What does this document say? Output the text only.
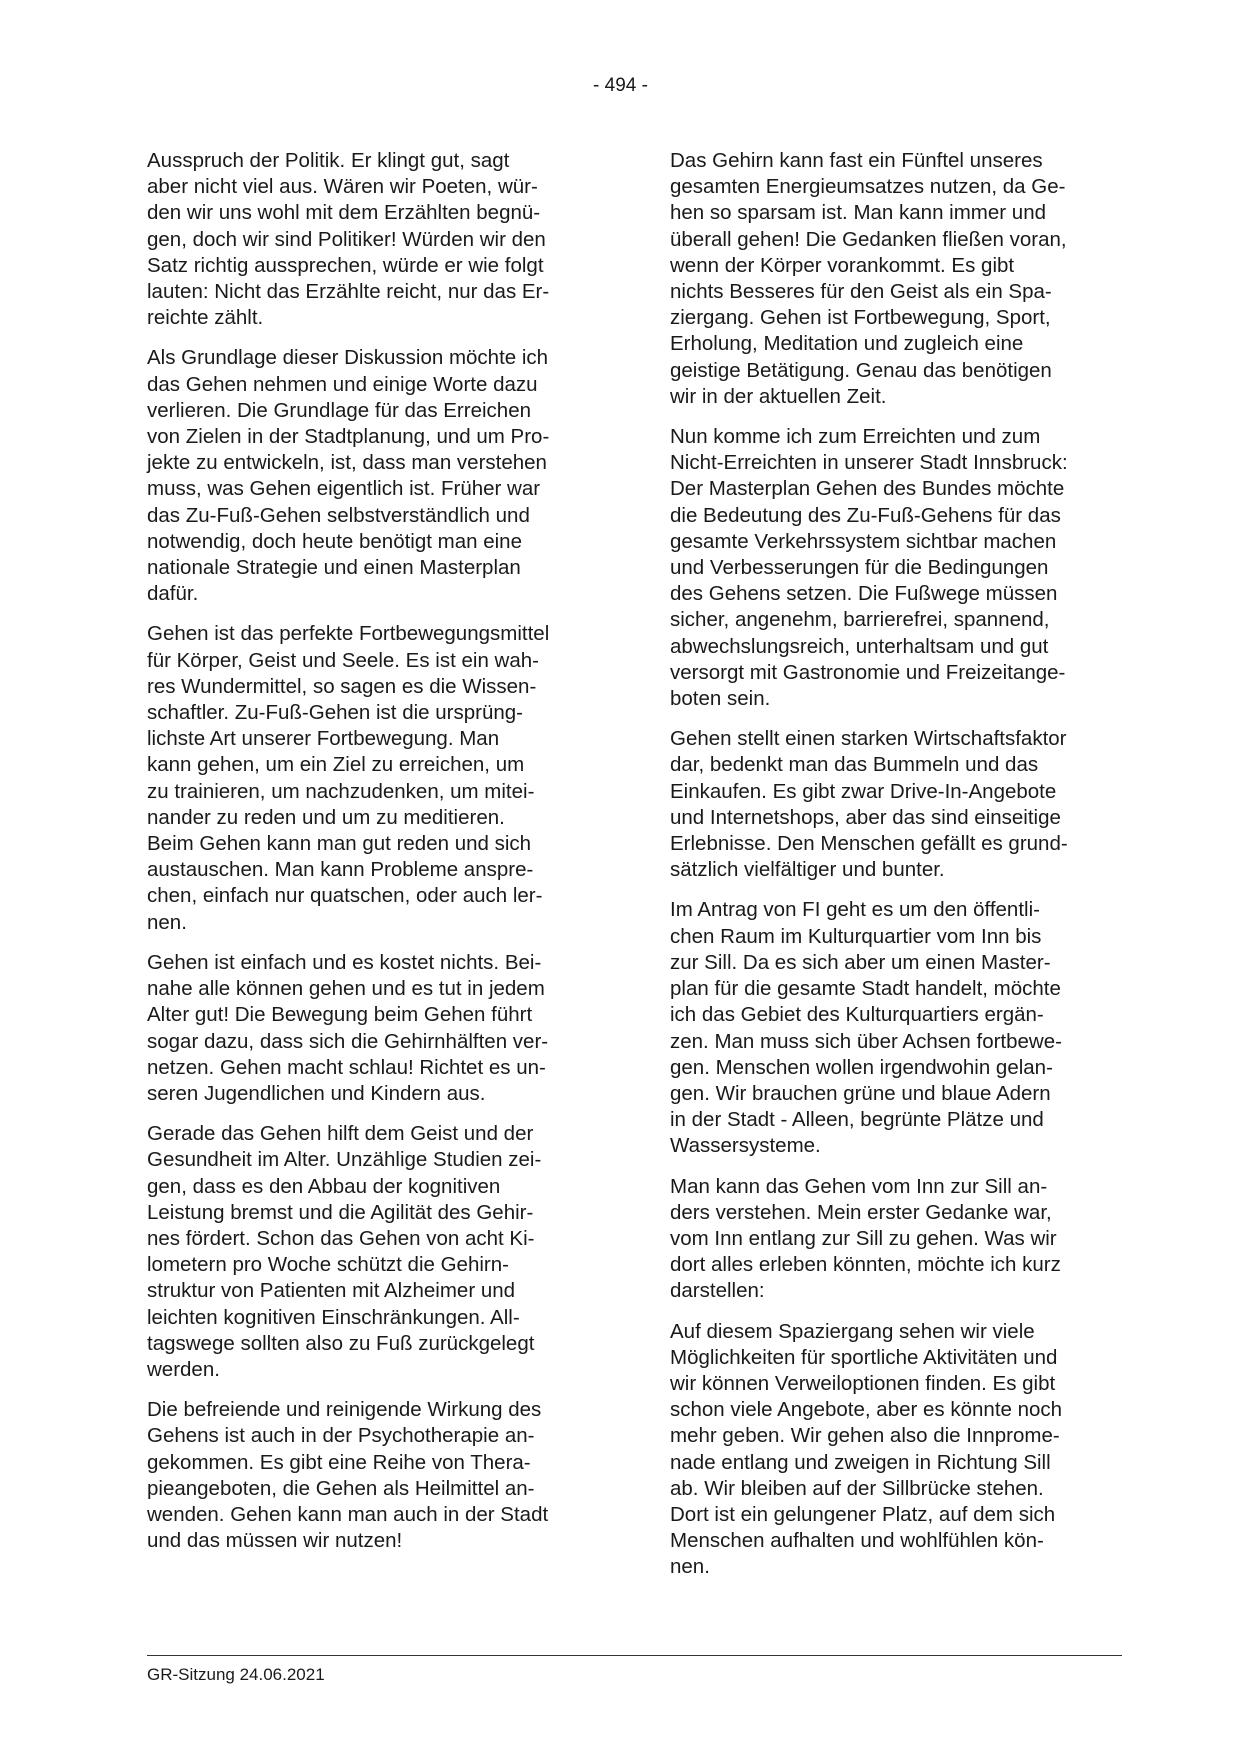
- 494 -

Ausspruch der Politik. Er klingt gut, sagt
aber nicht viel aus. Wären wir Poeten, wür-
den wir uns wohl mit dem Erzählten begnü-
gen, doch wir sind Politiker! Würden wir den
Satz richtig aussprechen, würde er wie folgt
lauten: Nicht das Erzählte reicht, nur das Er-
reichte zählt.

Als Grundlage dieser Diskussion möchte ich
das Gehen nehmen und einige Worte dazu
verlieren. Die Grundlage für das Erreichen
von Zielen in der Stadtplanung, und um Pro-
jekte zu entwickeln, ist, dass man verstehen
muss, was Gehen eigentlich ist. Früher war
das Zu-Fuß-Gehen selbstverständlich und
notwendig, doch heute benötigt man eine
nationale Strategie und einen Masterplan
dafür.

Gehen ist das perfekte Fortbewegungsmittel
für Körper, Geist und Seele. Es ist ein wah-
res Wundermittel, so sagen es die Wissen-
schaftler. Zu-Fuß-Gehen ist die ursprüng-
lichste Art unserer Fortbewegung. Man
kann gehen, um ein Ziel zu erreichen, um
zu trainieren, um nachzudenken, um mitei-
nander zu reden und um zu meditieren.
Beim Gehen kann man gut reden und sich
austauschen. Man kann Probleme anspre-
chen, einfach nur quatschen, oder auch ler-
nen.

Gehen ist einfach und es kostet nichts. Bei-
nahe alle können gehen und es tut in jedem
Alter gut! Die Bewegung beim Gehen führt
sogar dazu, dass sich die Gehirnhälften ver-
netzen. Gehen macht schlau! Richtet es un-
seren Jugendlichen und Kindern aus.

Gerade das Gehen hilft dem Geist und der
Gesundheit im Alter. Unzählige Studien zei-
gen, dass es den Abbau der kognitiven
Leistung bremst und die Agilität des Gehir-
nes fördert. Schon das Gehen von acht Ki-
lometern pro Woche schützt die Gehirn-
struktur von Patienten mit Alzheimer und
leichten kognitiven Einschränkungen. All-
tagswege sollten also zu Fuß zurückgelegt
werden.

Die befreiende und reinigende Wirkung des
Gehens ist auch in der Psychotherapie an-
gekommen. Es gibt eine Reihe von Thera-
pieangeboten, die Gehen als Heilmittel an-
wenden. Gehen kann man auch in der Stadt
und das müssen wir nutzen!

Das Gehirn kann fast ein Fünftel unseres
gesamten Energieumsatzes nutzen, da Ge-
hen so sparsam ist. Man kann immer und
überall gehen! Die Gedanken fließen voran,
wenn der Körper vorankommt. Es gibt
nichts Besseres für den Geist als ein Spa-
ziergang. Gehen ist Fortbewegung, Sport,
Erholung, Meditation und zugleich eine
geistige Betätigung. Genau das benötigen
wir in der aktuellen Zeit.

Nun komme ich zum Erreichten und zum
Nicht-Erreichten in unserer Stadt Innsbruck:
Der Masterplan Gehen des Bundes möchte
die Bedeutung des Zu-Fuß-Gehens für das
gesamte Verkehrssystem sichtbar machen
und Verbesserungen für die Bedingungen
des Gehens setzen. Die Fußwege müssen
sicher, angenehm, barrierefrei, spannend,
abwechslungsreich, unterhaltsam und gut
versorgt mit Gastronomie und Freizeitange-
boten sein.

Gehen stellt einen starken Wirtschaftsfaktor
dar, bedenkt man das Bummeln und das
Einkaufen. Es gibt zwar Drive-In-Angebote
und Internetshops, aber das sind einseitige
Erlebnisse. Den Menschen gefällt es grund-
sätzlich vielfältiger und bunter.

Im Antrag von FI geht es um den öffentli-
chen Raum im Kulturquartier vom Inn bis
zur Sill. Da es sich aber um einen Master-
plan für die gesamte Stadt handelt, möchte
ich das Gebiet des Kulturquartiers ergän-
zen. Man muss sich über Achsen fortbewe-
gen. Menschen wollen irgendwohin gelan-
gen. Wir brauchen grüne und blaue Adern
in der Stadt - Alleen, begrünte Plätze und
Wassersysteme.

Man kann das Gehen vom Inn zur Sill an-
ders verstehen. Mein erster Gedanke war,
vom Inn entlang zur Sill zu gehen. Was wir
dort alles erleben könnten, möchte ich kurz
darstellen:

Auf diesem Spaziergang sehen wir viele
Möglichkeiten für sportliche Aktivitäten und
wir können Verweiloptionen finden. Es gibt
schon viele Angebote, aber es könnte noch
mehr geben. Wir gehen also die Innprome-
nade entlang und zweigen in Richtung Sill
ab. Wir bleiben auf der Sillbrücke stehen.
Dort ist ein gelungener Platz, auf dem sich
Menschen aufhalten und wohlfühlen kön-
nen.

GR-Sitzung 24.06.2021
